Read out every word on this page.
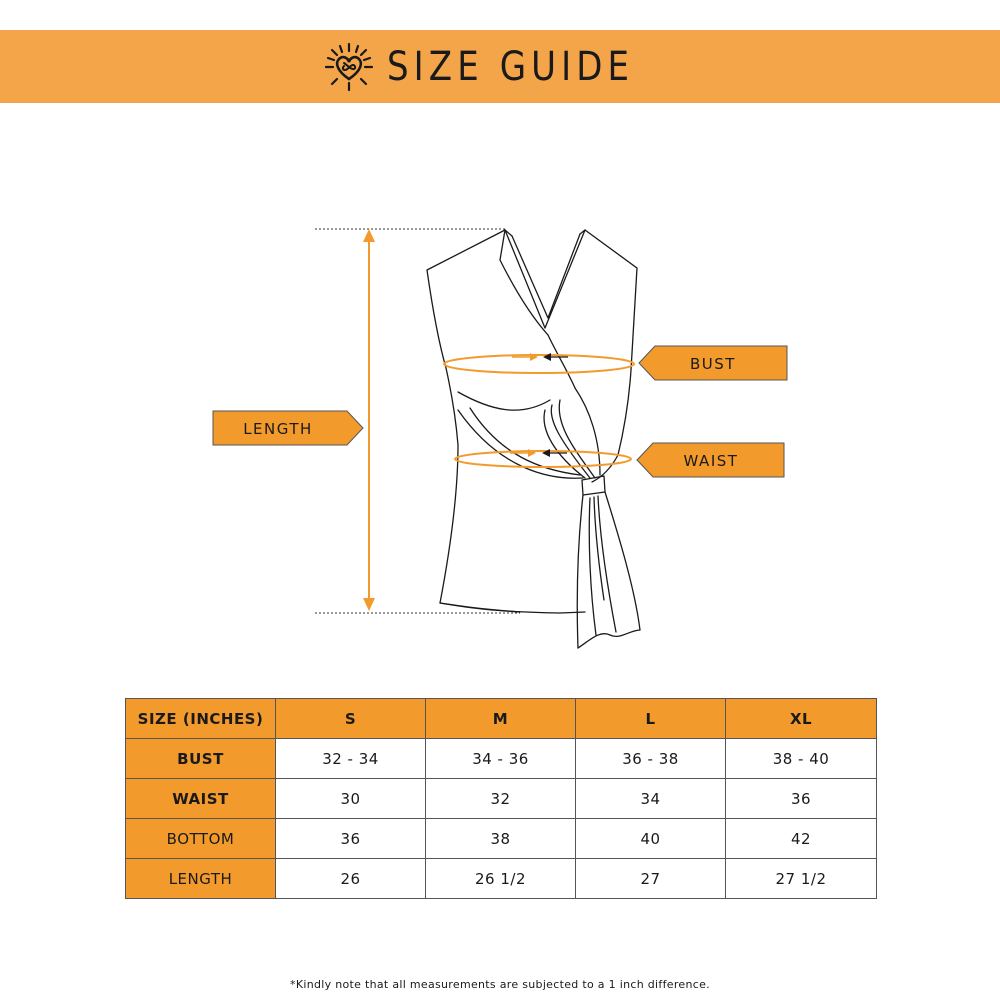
SIZE GUIDE
BUST
WAIST
LENGTH
SIZE (INCHES)	S	M	L	XL
BUST	32 - 34	34 - 36	36 - 38	38 - 40
WAIST	30	32	34	36
BOTTOM	36	38	40	42
LENGTH	26	26 1/2	27	27 1/2
*Kindly note that all measurements are subjected to a 1 inch difference.
